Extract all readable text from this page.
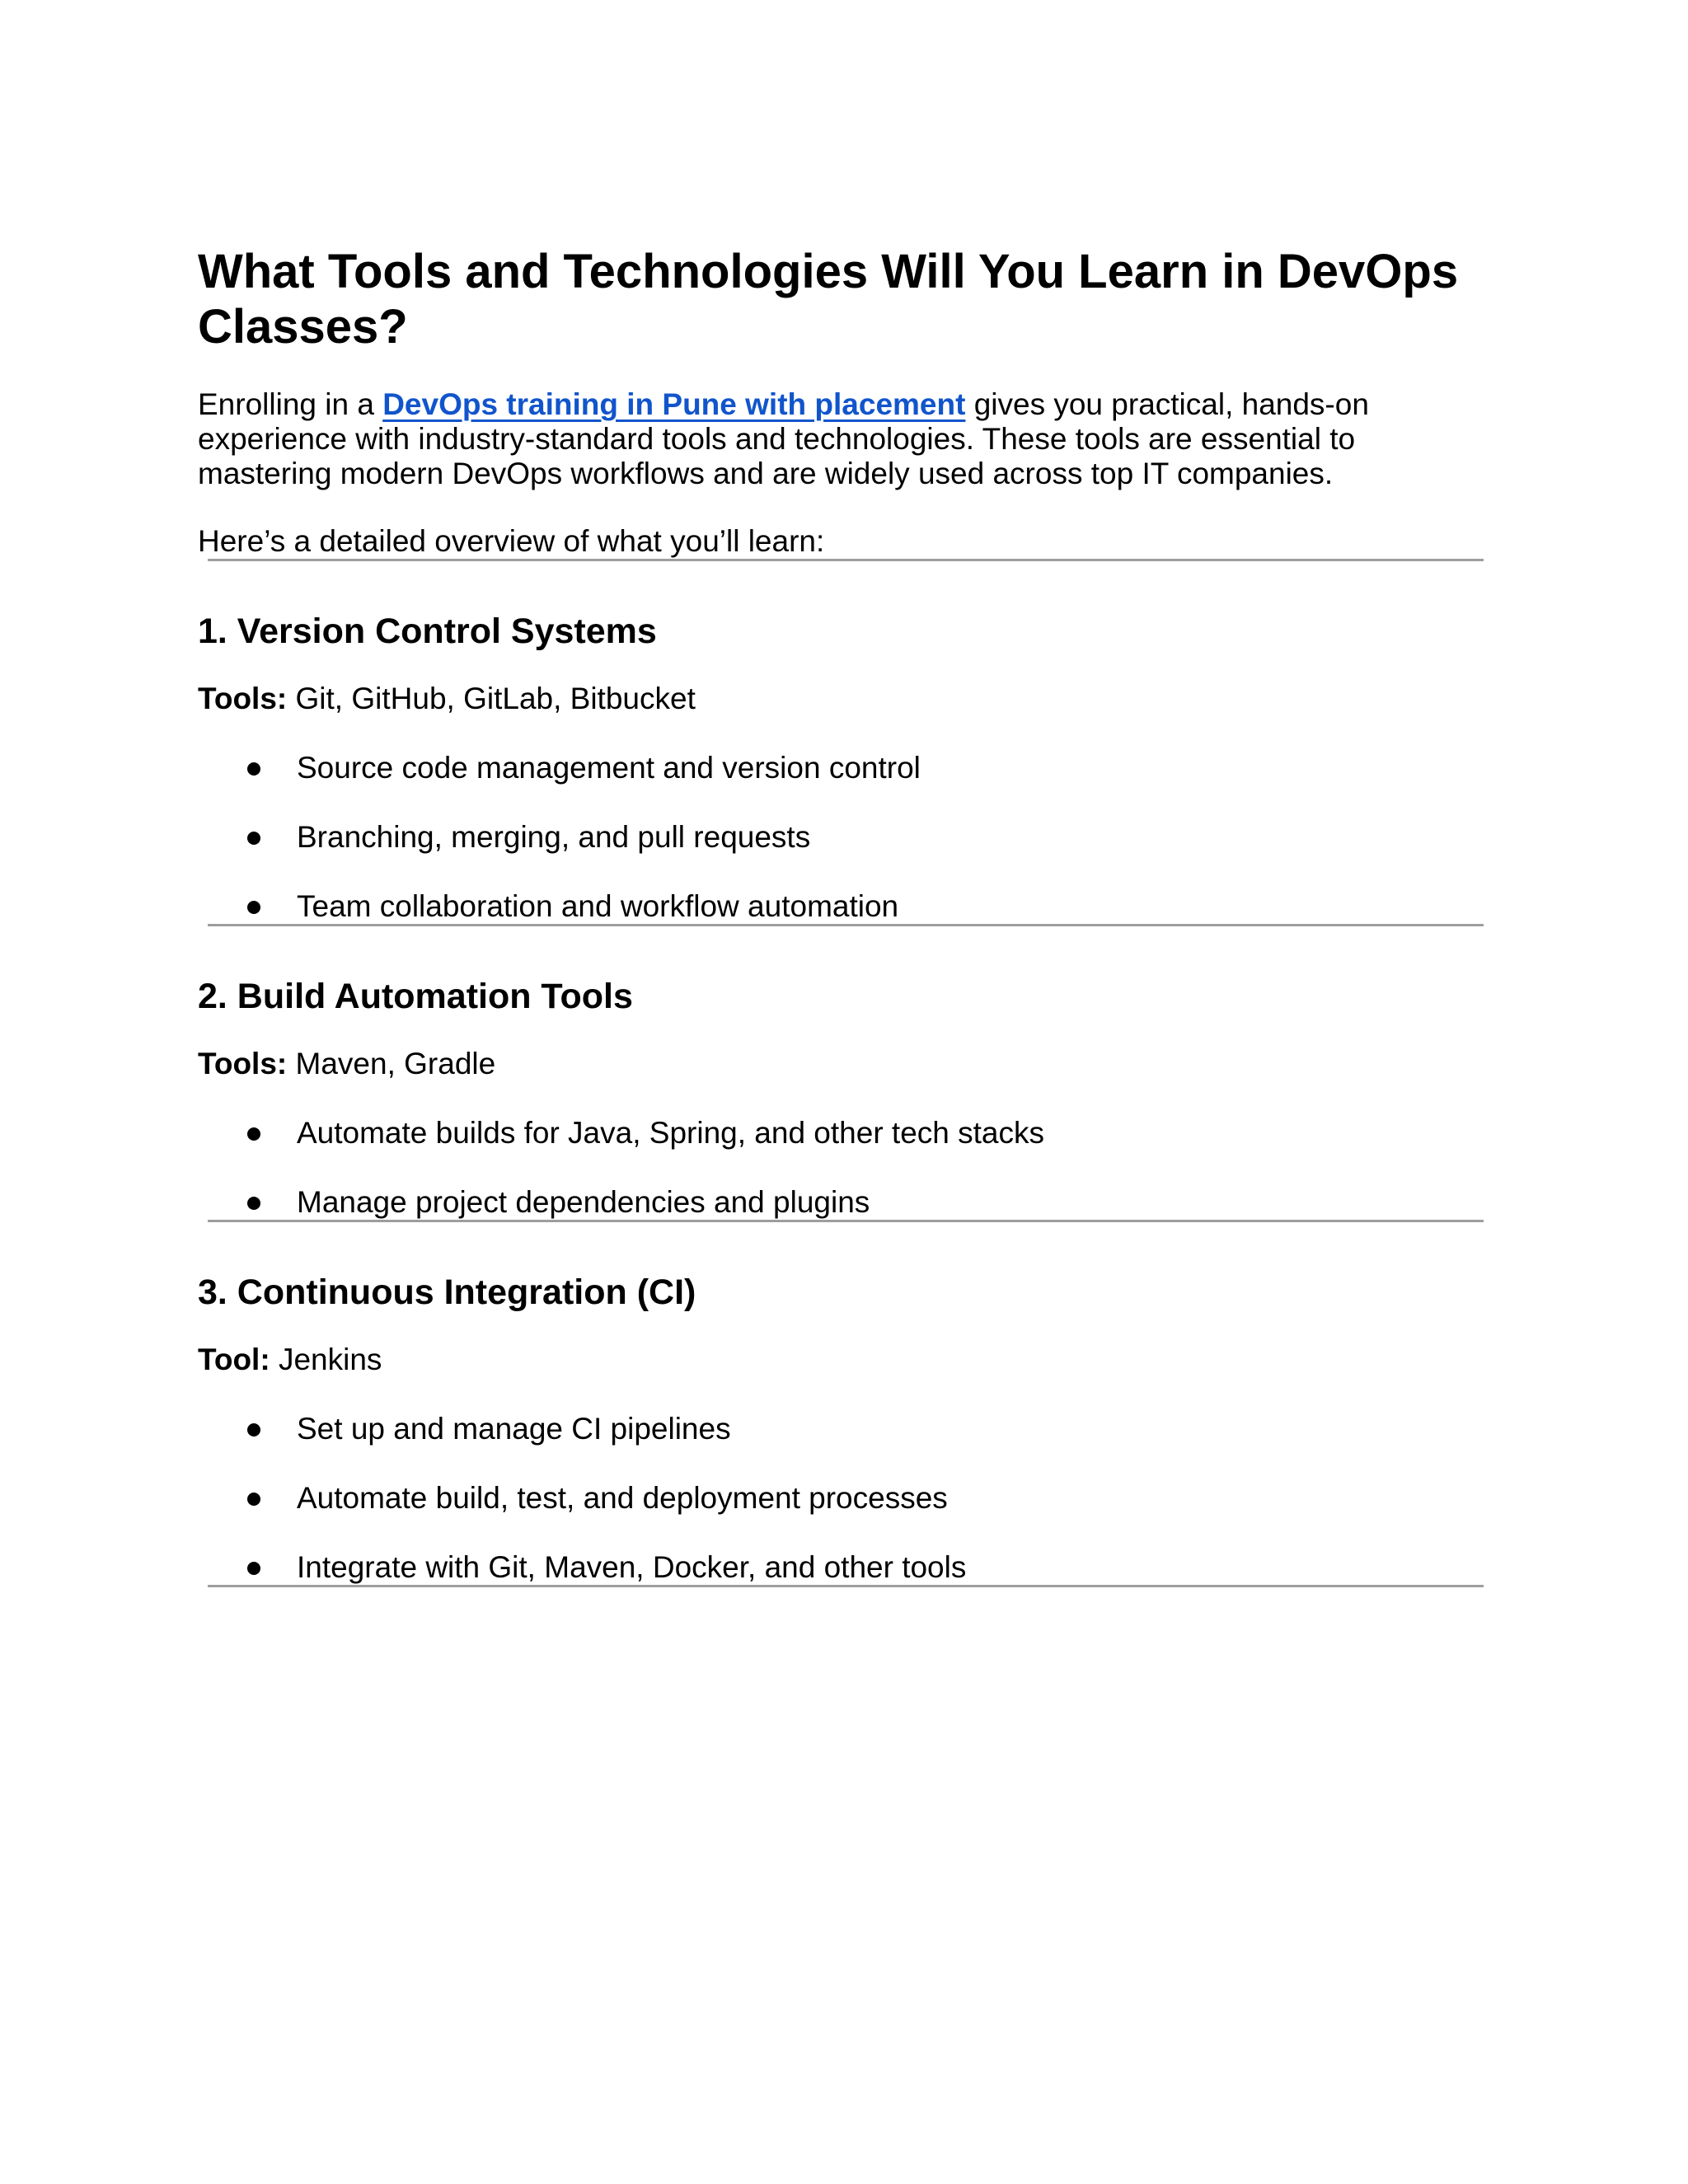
What Tools and Technologies Will You Learn in DevOps Classes?

Enrolling in a DevOps training in Pune with placement gives you practical, hands-on experience with industry-standard tools and technologies. These tools are essential to mastering modern DevOps workflows and are widely used across top IT companies.

Here’s a detailed overview of what you’ll learn:

1. Version Control Systems

Tools: Git, GitHub, GitLab, Bitbucket

Source code management and version control
Branching, merging, and pull requests
Team collaboration and workflow automation
2. Build Automation Tools

Tools: Maven, Gradle

Automate builds for Java, Spring, and other tech stacks
Manage project dependencies and plugins
3. Continuous Integration (CI)

Tool: Jenkins

Set up and manage CI pipelines
Automate build, test, and deployment processes
Integrate with Git, Maven, Docker, and other tools
